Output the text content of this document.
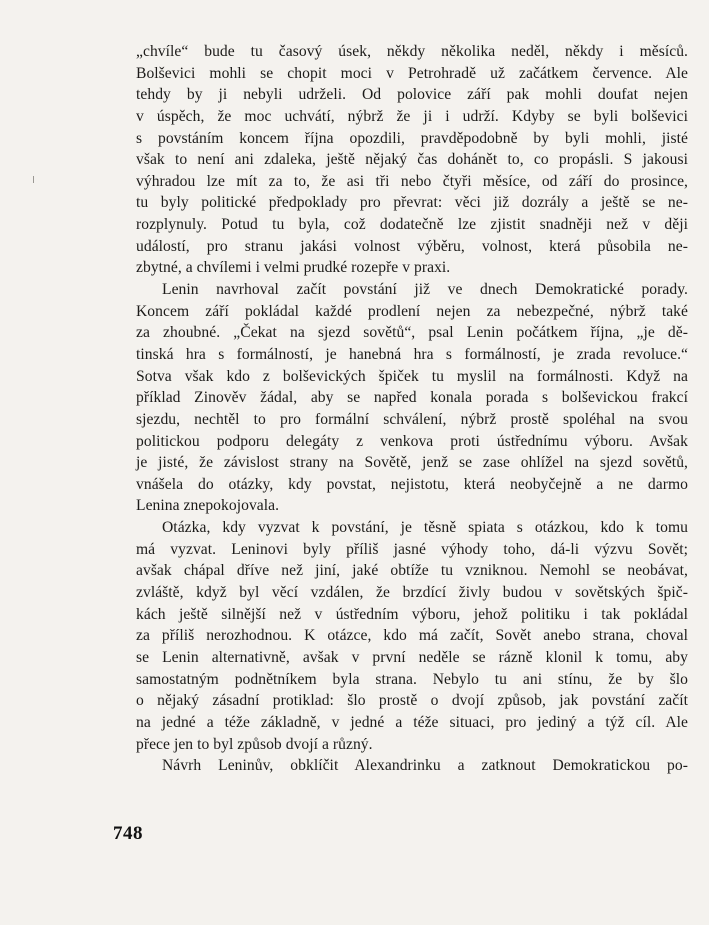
„chvíle“ bude tu časový úsek, někdy několika neděl, někdy i měsíců.
Bolševici mohli se chopit moci v Petrohradě už začátkem července. Ale
tehdy by ji nebyli udrželi. Od polovice září pak mohli doufat nejen
v úspěch, že moc uchvátí, nýbrž že ji i udrží. Kdyby se byli bolševici
s povstáním koncem října opozdili, pravděpodobně by byli mohli, jisté
však to není ani zdaleka, ještě nějaký čas dohánět to, co propásli. S jakousi
výhradou lze mít za to, že asi tři nebo čtyři měsíce, od září do prosince,
tu byly politické předpoklady pro převrat: věci již dozrály a ještě se ne-
rozplynuly. Potud tu byla, což dodatečně lze zjistit snadněji než v ději
událostí, pro stranu jakási volnost výběru, volnost, která působila ne-
zbytné, a chvílemi i velmi prudké rozepře v praxi.
Lenin navrhoval začít povstání již ve dnech Demokratické porady.
Koncem září pokládal každé prodlení nejen za nebezpečné, nýbrž také
za zhoubné. „Čekat na sjezd sovětů“, psal Lenin počátkem října, „je dě-
tinská hra s formálností, je hanebná hra s formálností, je zrada revoluce.“
Sotva však kdo z bolševických špiček tu myslil na formálnosti. Když na
příklad Zinověv žádal, aby se napřed konala porada s bolševickou frakcí
sjezdu, nechtěl to pro formální schválení, nýbrž prostě spoléhal na svou
politickou podporu delegáty z venkova proti ústřednímu výboru. Avšak
je jisté, že závislost strany na Sovětě, jenž se zase ohlížel na sjezd sovětů,
vnášela do otázky, kdy povstat, nejistotu, která neobyčejně a ne darmo
Lenina znepokojovala.
Otázka, kdy vyzvat k povstání, je těsně spiata s otázkou, kdo k tomu
má vyzvat. Leninovi byly příliš jasné výhody toho, dá-li výzvu Sovět;
avšak chápal dříve než jiní, jaké obtíže tu vzniknou. Nemohl se neobávat,
zvláště, když byl věcí vzdálen, že brzdící živly budou v sovětských špič-
kách ještě silnější než v ústředním výboru, jehož politiku i tak pokládal
za příliš nerozhodnou. K otázce, kdo má začít, Sovět anebo strana, choval
se Lenin alternativně, avšak v první neděle se rázně klonil k tomu, aby
samostatným podnětníkem byla strana. Nebylo tu ani stínu, že by šlo
o nějaký zásadní protiklad: šlo prostě o dvojí způsob, jak povstání začít
na jedné a téže základně, v jedné a téže situaci, pro jediný a týž cíl. Ale
přece jen to byl způsob dvojí a různý.
Návrh Leninův, obklíčit Alexandrinku a zatknout Demokratickou po-
748
